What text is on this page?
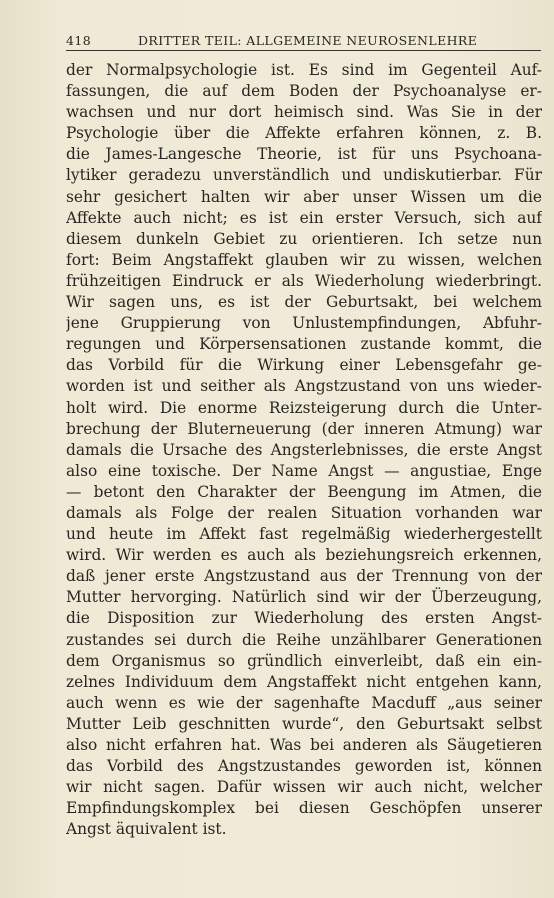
418	DRITTER TEIL: ALLGEMEINE NEUROSENLEHRE
der Normalpsychologie ist. Es sind im Gegenteil Auf-
fassungen, die auf dem Boden der Psychoanalyse er-
wachsen und nur dort heimisch sind. Was Sie in der
Psychologie über die Affekte erfahren können, z. B.
die James-Langesche Theorie, ist für uns Psychoana-
lytiker geradezu unverständlich und undiskutierbar. Für
sehr gesichert halten wir aber unser Wissen um die
Affekte auch nicht; es ist ein erster Versuch, sich auf
diesem dunkeln Gebiet zu orientieren. Ich setze nun
fort: Beim Angstaffekt glauben wir zu wissen, welchen
frühzeitigen Eindruck er als Wiederholung wiederbringt.
Wir sagen uns, es ist der Geburtsakt, bei welchem
jene Gruppierung von Unlustempfindungen, Abfuhr-
regungen und Körpersensationen zustande kommt, die
das Vorbild für die Wirkung einer Lebensgefahr ge-
worden ist und seither als Angstzustand von uns wieder-
holt wird. Die enorme Reizsteigerung durch die Unter-
brechung der Bluterneuerung (der inneren Atmung) war
damals die Ursache des Angsterlebnisses, die erste Angst
also eine toxische. Der Name Angst — angustiae, Enge
— betont den Charakter der Beengung im Atmen, die
damals als Folge der realen Situation vorhanden war
und heute im Affekt fast regelmäßig wiederhergestellt
wird. Wir werden es auch als beziehungsreich erkennen,
daß jener erste Angstzustand aus der Trennung von der
Mutter hervorging. Natürlich sind wir der Überzeugung,
die Disposition zur Wiederholung des ersten Angst-
zustandes sei durch die Reihe unzählbarer Generationen
dem Organismus so gründlich einverleibt, daß ein ein-
zelnes Individuum dem Angstaffekt nicht entgehen kann,
auch wenn es wie der sagenhafte Macduff „aus seiner
Mutter Leib geschnitten wurde“, den Geburtsakt selbst
also nicht erfahren hat. Was bei anderen als Säugetieren
das Vorbild des Angstzustandes geworden ist, können
wir nicht sagen. Dafür wissen wir auch nicht, welcher
Empfindungskomplex bei diesen Geschöpfen unserer
Angst äquivalent ist.
